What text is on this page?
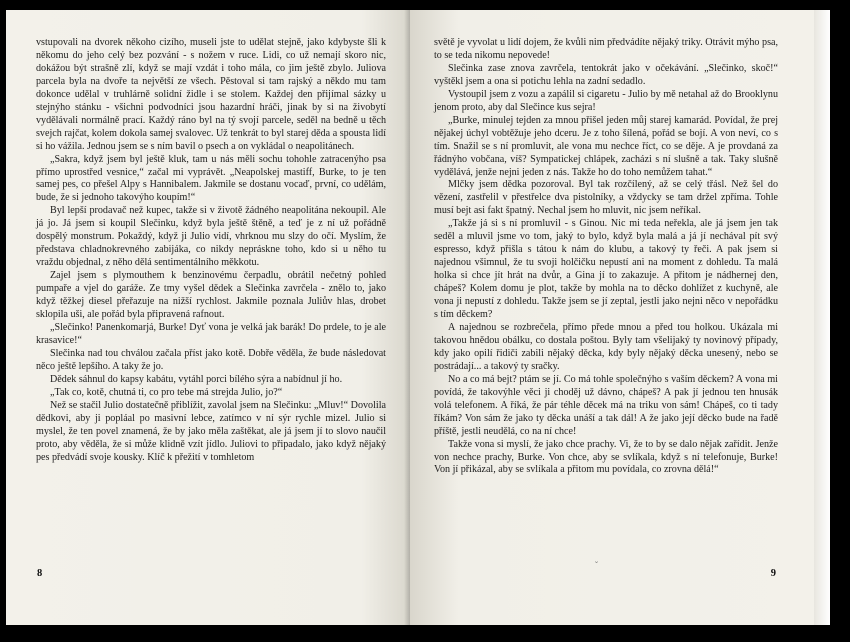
vstupovali na dvorek někoho cizího, museli jste to udělat stejně, jako kdybyste šli k někomu do jeho celý bez pozvání - s nožem v ruce. Lidi, co už nemají skoro nic, dokážou být strašně zlí, když se mají vzdát i toho mála, co jim ještě zbylo. Juliova parcela byla na dvoře ta největší ze všech. Pěstoval si tam rajský a někdo mu tam dokonce udělal v truhlárně solidní židle i se stolem. Každej den přijímal sázky u stejnýho stánku - všichni podvodníci jsou hazardní hráči, jinak by si na živobytí vydělávali normálně prací. Každý ráno byl na tý svojí parcele, seděl na bedně u těch svejch rajčat, kolem dokola samej svalovec. Už tenkrát to byl starej děda a spousta lidí si ho vážila. Jednou jsem se s ním bavil o psech a on vykládal o neapolitánech.

„Sakra, když jsem byl ještě kluk, tam u nás měli sochu tohohle zatracenýho psa přímo uprostřed vesnice,“ začal mi vyprávět. „Neapolskej mastiff, Burke, to je ten samej pes, co přešel Alpy s Hannibalem. Jakmile se dostanu vocaď, první, co udělám, bude, že si jednoho takovýho koupím!“

Byl lepší prodavač než kupec, takže si v životě žádného neapolitána nekoupil. Ale já jo. Já jsem si koupil Slečinku, když byla ještě štěně, a teď je z ní už pořádně dospělý monstrum. Pokaždý, když ji Julio vidí, vhrknou mu slzy do očí. Myslím, že představa chladnokrevného zabijáka, co nikdy nepráskne toho, kdo si u něho tu vraždu objednal, z něho dělá sentimentálního měkkotu.

Zajel jsem s plymouthem k benzinovému čerpadlu, obrátil nečetný pohled pumpaře a vjel do garáže. Ze tmy vyšel dědek a Slečinka zavrčela - znělo to, jako když těžkej diesel přeřazuje na nižší rychlost. Jakmile poznala Juliův hlas, drobet sklopila uši, ale pořád byla připravená rafnout.

„Slečinko! Panenkomarjá, Burke! Dyť vona je velká jak barák! Do prdele, to je ale krasavice!“

Slečinka nad tou chválou začala příst jako kotě. Dobře věděla, že bude následovat něco ještě lepšího. A taky že jo.

Dědek sáhnul do kapsy kabátu, vytáhl porci bílého sýra a nabídnul jí ho.

„Tak co, kotě, chutná ti, co pro tebe má strejda Julio, jo?“

Než se stačil Julio dostatečně přiblížit, zavolal jsem na Slečinku: „Mluv!“ Dovolila dědkovi, aby ji popláal po masivní lebce, zatímco v ní sýr rychle mizel. Julio si myslel, že ten povel znamená, že by jako měla zaštěkat, ale já jsem jí to slovo naučil proto, aby věděla, že si může klidně vzít jídlo. Juliovi to připadalo, jako když nějaký pes předvádí svoje kousky. Klíč k přežití v tomhletom

8

světě je vyvolat u lidí dojem, že kvůli nim předvádíte nějaký triky. Otrávit mýho psa, to se teda nikomu nepovede!

Slečinka zase znova zavrčela, tentokrát jako v očekávání. „Slečinko, skoč!“ vyštěkl jsem a ona si potichu lehla na zadní sedadlo.

Vystoupil jsem z vozu a zapálil si cigaretu - Julio by mě netahal až do Brooklynu jenom proto, aby dal Slečince kus sejra!

„Burke, minulej tejden za mnou přišel jeden můj starej kamarád. Povídal, že prej nějakej úchyl vobtěžuje jeho dceru. Je z toho šílená, pořád se bojí. A von neví, co s tím. Snažil se s ní promluvit, ale vona mu nechce říct, co se děje. A je provdaná za řádnýho vobčana, víš? Sympatickej chlápek, zacházi s ní slušně a tak. Taky slušně vydělává, jenže nejni jeden z nás. Takže ho do toho nemůžem tahat.“

Mlčky jsem dědka pozoroval. Byl tak rozčílený, až se celý třásl. Než šel do vězení, zastřelil v přestřelce dva pistolníky, a vždycky se tam držel zpříma. Tohle musí bejt asi fakt špatný. Nechal jsem ho mluvit, nic jsem neříkal.

„Takže já si s ní promluvil - s Ginou. Nic mi teda neřekla, ale já jsem jen tak seděl a mluvil jsme vo tom, jaký to bylo, když byla malá a já jí nechával pít svý espresso, když přišla s tátou k nám do klubu, a takový ty řeči. A pak jsem si najednou všimnul, že tu svoji holčičku nepustí ani na moment z dohledu. Ta malá holka si chce jít hrát na dvůr, a Gina jí to zakazuje. A přitom je nádhernej den, chápeš? Kolem domu je plot, takže by mohla na to děcko dohlížet z kuchyně, ale vona ji nepustí z dohledu. Takže jsem se jí zeptal, jestli jako nejni něco v nepořádku s tím děckem?

A najednou se rozbrečela, přímo přede mnou a před tou holkou. Ukázala mi takovou hnědou obálku, co dostala poštou. Byly tam všelijaký ty novinový případy, kdy jako opilí řidiči zabili nějaký děcka, kdy byly nějaký děcka unesený, nebo se postrádají... a takový ty sračky.

No a co má bejt? ptám se jí. Co má tohle společnýho s vaším děckem? A vona mi povídá, že takovýhle věci ji choděj už dávno, chápeš? A pak jí jednou ten hnusák volá telefonem. A říká, že pár téhle děcek má na triku von sám! Chápeš, co ti tady říkám? Von sám že jako ty děcka unáší a tak dál! A že jako její děcko bude na řadě příště, jestli neudělá, co na ní chce!

Takže vona si myslí, že jako chce prachy. Vi, že to by se dalo nějak zařídit. Jenže von nechce prachy, Burke. Von chce, aby se svlíkala, když s ní telefonuje, Burke! Von jí přikázal, aby se svlíkala a přitom mu povídala, co zrovna dělá!“

˘
9
